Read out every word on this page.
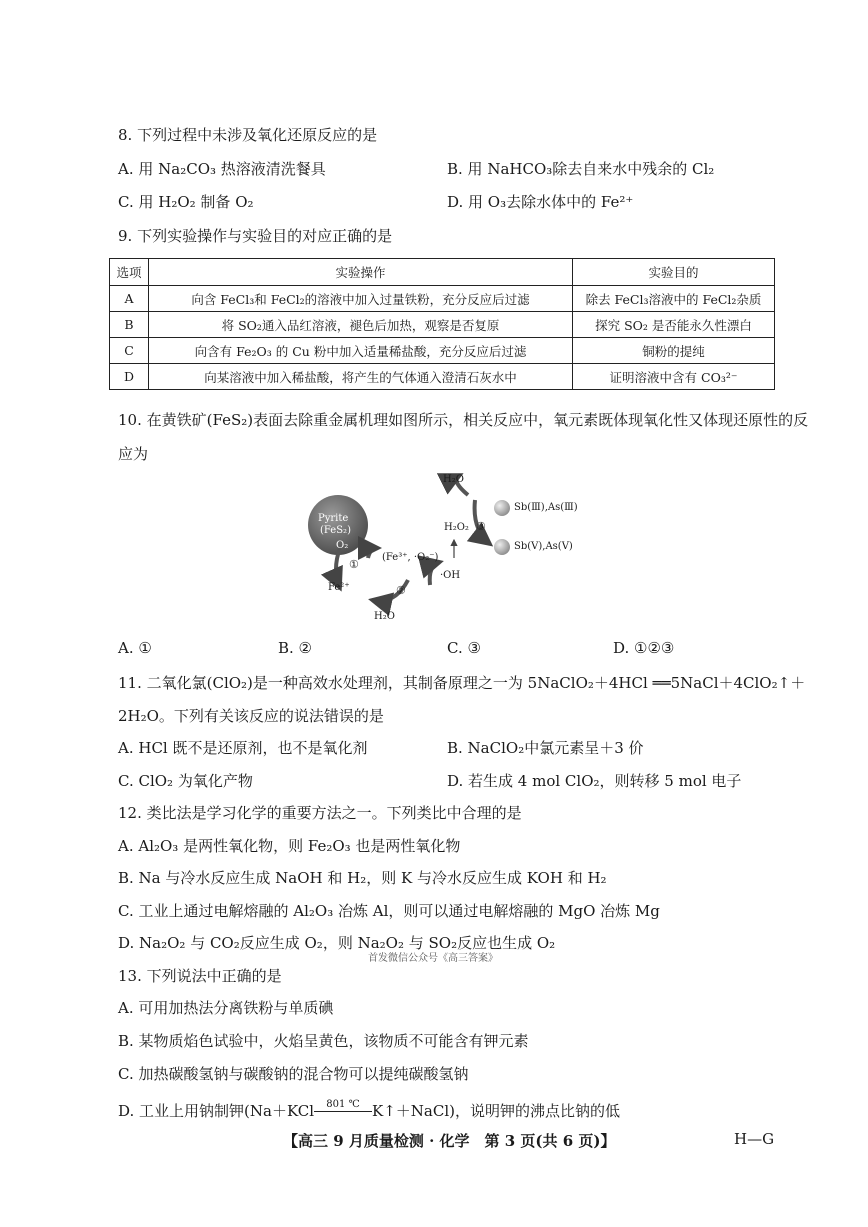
8. 下列过程中未涉及氧化还原反应的是
A. 用 Na₂CO₃ 热溶液清洗餐具	B. 用 NaHCO₃除去自来水中残余的 Cl₂
C. 用 H₂O₂ 制备 O₂	D. 用 O₃去除水体中的 Fe²⁺
9. 下列实验操作与实验目的对应正确的是
选项	实验操作	实验目的
A	向含 FeCl₃和 FeCl₂的溶液中加入过量铁粉，充分反应后过滤	除去 FeCl₃溶液中的 FeCl₂杂质
B	将 SO₂通入品红溶液，褪色后加热，观察是否复原	探究 SO₂ 是否能永久性漂白
C	向含有 Fe₂O₃ 的 Cu 粉中加入适量稀盐酸，充分反应后过滤	铜粉的提纯
D	向某溶液中加入稀盐酸，将产生的气体通入澄清石灰水中	证明溶液中含有 CO₃²⁻
10. 在黄铁矿(FeS₂)表面去除重金属机理如图所示，相关反应中，氧元素既体现氧化性又体现还原性的反
应为
Pyrite
(FeS₂)
O₂
Fe²⁺
(Fe³⁺, ·O₂⁻)
·OH
H₂O₂
H₂O
H₂O
Sb(Ⅲ),As(Ⅲ)
Sb(Ⅴ),As(Ⅴ)
①
②
③
A. ①	B. ②	C. ③	D. ①②③
11. 二氧化氯(ClO₂)是一种高效水处理剂，其制备原理之一为 5NaClO₂＋4HCl ══5NaCl＋4ClO₂↑＋
2H₂O。下列有关该反应的说法错误的是
A. HCl 既不是还原剂，也不是氧化剂	B. NaClO₂中氯元素呈＋3 价
C. ClO₂ 为氧化产物	D. 若生成 4 mol ClO₂，则转移 5 mol 电子
12. 类比法是学习化学的重要方法之一。下列类比中合理的是
A. Al₂O₃ 是两性氧化物，则 Fe₂O₃ 也是两性氧化物
B. Na 与冷水反应生成 NaOH 和 H₂，则 K 与冷水反应生成 KOH 和 H₂
C. 工业上通过电解熔融的 Al₂O₃ 冶炼 Al，则可以通过电解熔融的 MgO 冶炼 Mg
D. Na₂O₂ 与 CO₂反应生成 O₂，则 Na₂O₂ 与 SO₂反应也生成 O₂
首发微信公众号《高三答案》
13. 下列说法中正确的是
A. 可用加热法分离铁粉与单质碘
B. 某物质焰色试验中，火焰呈黄色，该物质不可能含有钾元素
C. 加热碳酸氢钠与碳酸钠的混合物可以提纯碳酸氢钠
D. 工业上用钠制钾(Na＋KCl	801 ℃ K↑＋NaCl)，说明钾的沸点比钠的低
【高三 9 月质量检测 · 化学　第 3 页(共 6 页)】	H—G
